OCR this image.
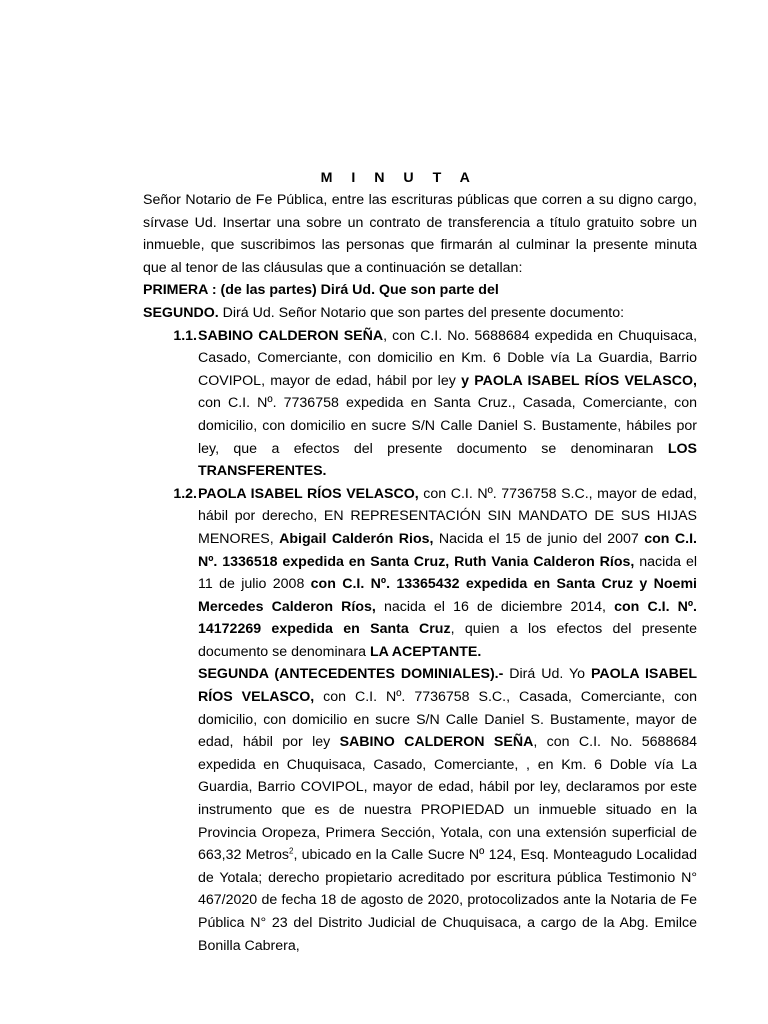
M I N U T A

Señor Notario de Fe Pública, entre las escrituras públicas que corren a su digno cargo, sírvase Ud. Insertar una sobre un contrato de transferencia a título gratuito sobre un inmueble, que suscribimos las personas que firmarán al culminar la presente minuta que al tenor de las cláusulas que a continuación se detallan:

PRIMERA : (de las partes) Dirá Ud. Que son parte del

SEGUNDO. Dirá Ud. Señor Notario que son partes del presente documento:

1.1. SABINO CALDERON SEÑA, con C.I. No. 5688684 expedida en Chuquisaca, Casado, Comerciante, con domicilio en Km. 6 Doble vía La Guardia, Barrio COVIPOL, mayor de edad, hábil por ley y PAOLA ISABEL RÍOS VELASCO, con C.I. Nº. 7736758 expedida en Santa Cruz., Casada, Comerciante, con domicilio, con domicilio en sucre S/N Calle Daniel S. Bustamente, hábiles por ley, que a efectos del presente documento se denominaran LOS TRANSFERENTES.
1.2. PAOLA ISABEL RÍOS VELASCO, con C.I. Nº. 7736758 S.C., mayor de edad, hábil por derecho, EN REPRESENTACIÓN SIN MANDATO DE SUS HIJAS MENORES, Abigail Calderón Rios, Nacida el 15 de junio del 2007 con C.I. Nº. 1336518 expedida en Santa Cruz, Ruth Vania Calderon Ríos, nacida el 11 de julio 2008 con C.I. Nº. 13365432 expedida en Santa Cruz y Noemi Mercedes Calderon Ríos, nacida el 16 de diciembre 2014, con C.I. Nº. 14172269 expedida en Santa Cruz, quien a los efectos del presente documento se denominara LA ACEPTANTE.

SEGUNDA (ANTECEDENTES DOMINIALES).- Dirá Ud. Yo PAOLA ISABEL RÍOS VELASCO, con C.I. Nº. 7736758 S.C., Casada, Comerciante, con domicilio, con domicilio en sucre S/N Calle Daniel S. Bustamente, mayor de edad, hábil por ley SABINO CALDERON SEÑA, con C.I. No. 5688684 expedida en Chuquisaca, Casado, Comerciante, , en Km. 6 Doble vía La Guardia, Barrio COVIPOL, mayor de edad, hábil por ley, declaramos por este instrumento que es de nuestra PROPIEDAD un inmueble situado en la Provincia Oropeza, Primera Sección, Yotala, con una extensión superficial de 663,32 Metros$^2$, ubicado en la Calle Sucre Nº 124, Esq. Monteagudo Localidad de Yotala; derecho propietario acreditado por escritura pública Testimonio N° 467/2020 de fecha 18 de agosto de 2020, protocolizados ante la Notaria de Fe Pública N° 23 del Distrito Judicial de Chuquisaca, a cargo de la Abg. Emilce Bonilla Cabrera,
